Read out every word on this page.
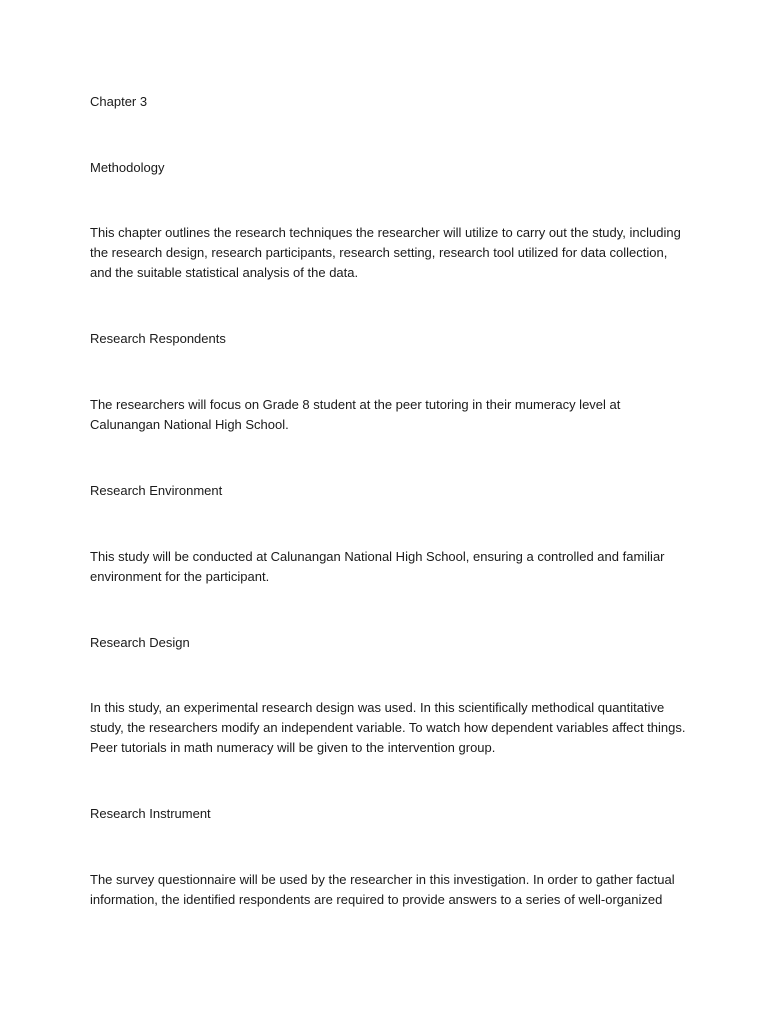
Chapter 3
Methodology
This chapter outlines the research techniques the researcher will utilize to carry out the study, including
the research design, research participants, research setting, research tool utilized for data collection,
and the suitable statistical analysis of the data.
Research Respondents
The researchers will focus on Grade 8 student at the peer tutoring in their mumeracy level at
Calunangan National High School.
Research Environment
This study will be conducted at Calunangan National High School, ensuring a controlled and familiar
environment for the participant.
Research Design
In this study, an experimental research design was used. In this scientifically methodical quantitative
study, the researchers modify an independent variable. To watch how dependent variables affect things.
Peer tutorials in math numeracy will be given to the intervention group.
Research Instrument
The survey questionnaire will be used by the researcher in this investigation. In order to gather factual
information, the identified respondents are required to provide answers to a series of well-organized
